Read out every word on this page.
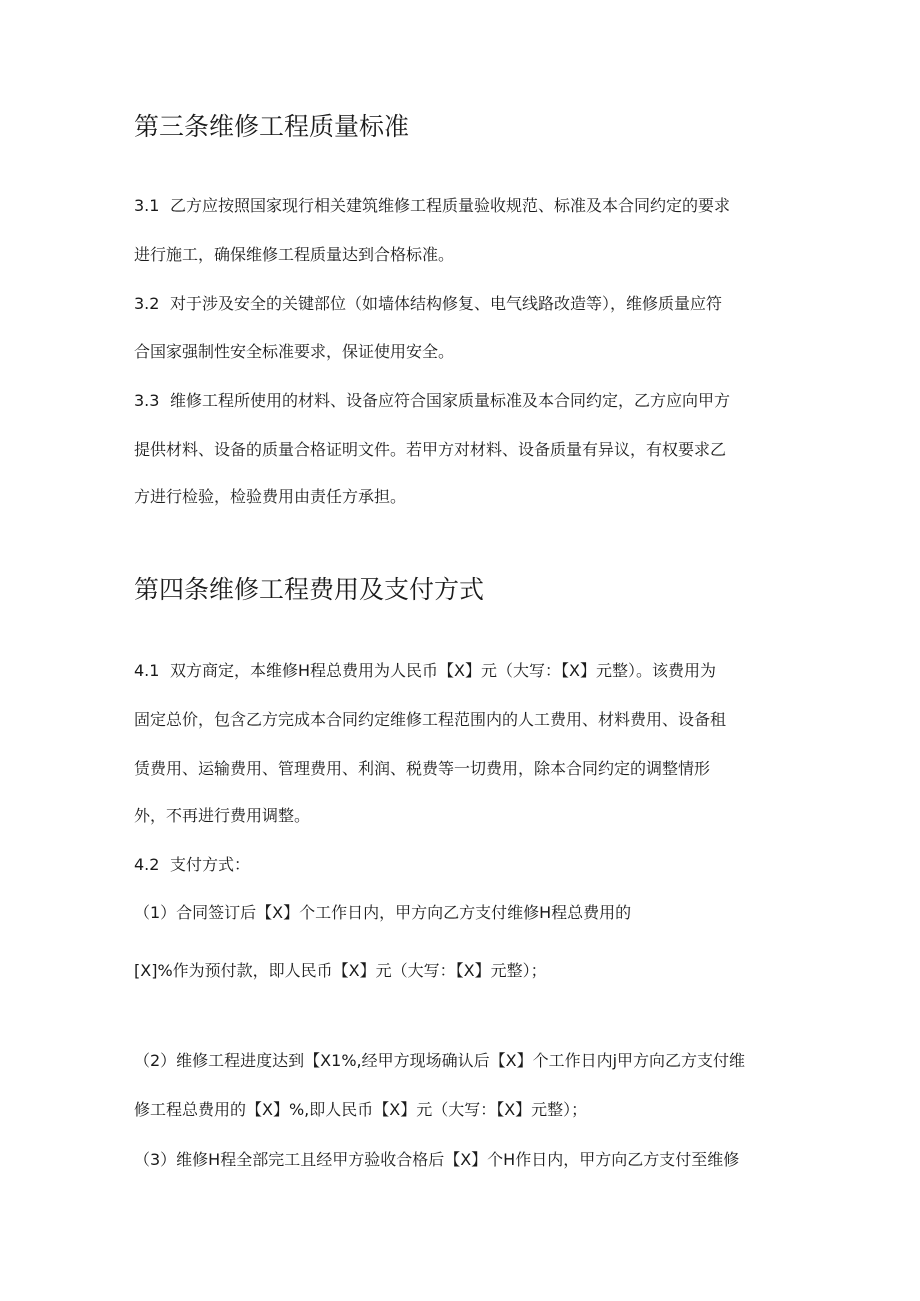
第三条维修工程质量标准
3.1 乙方应按照国家现行相关建筑维修工程质量验收规范、标准及本合同约定的要求
进行施工，确保维修工程质量达到合格标准。
3.2 对于涉及安全的关键部位（如墙体结构修复、电气线路改造等），维修质量应符
合国家强制性安全标准要求，保证使用安全。
3.3 维修工程所使用的材料、设备应符合国家质量标准及本合同约定，乙方应向甲方
提供材料、设备的质量合格证明文件。若甲方对材料、设备质量有异议，有权要求乙
方进行检验，检验费用由责任方承担。
第四条维修工程费用及支付方式
4.1 双方商定，本维修H程总费用为人民币【X】元（大写：【X】元整）。该费用为
固定总价，包含乙方完成本合同约定维修工程范围内的人工费用、材料费用、设备租
赁费用、运输费用、管理费用、利润、税费等一切费用，除本合同约定的调整情形
外，不再进行费用调整。
4.2 支付方式：
（1）合同签订后【X】个工作日内，甲方向乙方支付维修H程总费用的
[X]%作为预付款，即人民币【X】元（大写：【X】元整）；
（2）维修工程进度达到【X1%,经甲方现场确认后【X】个工作日内j甲方向乙方支付维
修工程总费用的【X】%,即人民币【X】元（大写：【X】元整）；
（3）维修H程全部完工且经甲方验收合格后【X】个H作日内，甲方向乙方支付至维修
